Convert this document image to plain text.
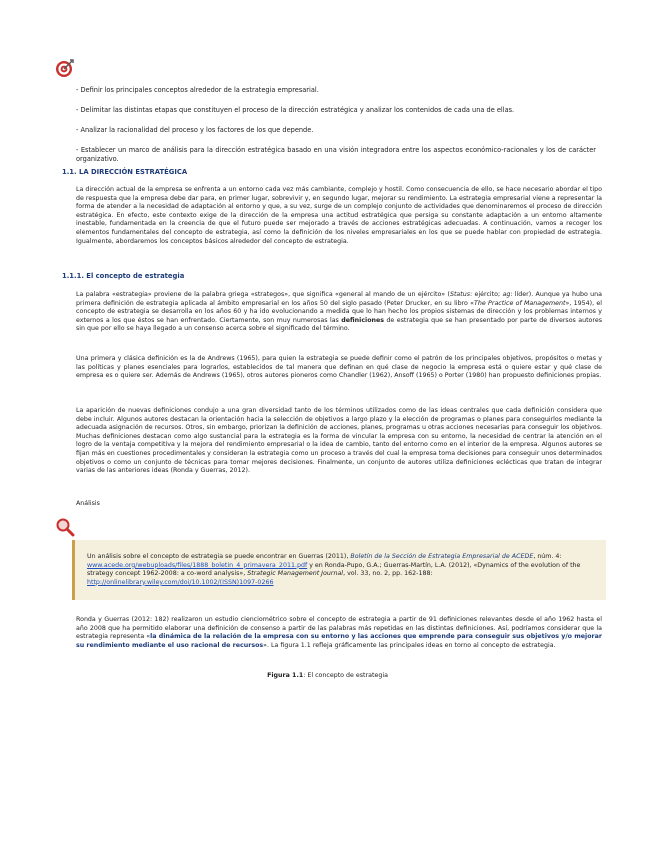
- Definir los principales conceptos alrededor de la estrategia empresarial.

- Delimitar las distintas etapas que constituyen el proceso de la dirección estratégica y analizar los contenidos de cada una de ellas.

- Analizar la racionalidad del proceso y los factores de los que depende.

- Establecer un marco de análisis para la dirección estratégica basado en una visión integradora entre los aspectos económico-racionales y los de carácter organizativo.

1.1. LA DIRECCIÓN ESTRATÉGICA

La dirección actual de la empresa se enfrenta a un entorno cada vez más cambiante, complejo y hostil. Como consecuencia de ello, se hace necesario abordar el tipo de respuesta que la empresa debe dar para, en primer lugar, sobrevivir y, en segundo lugar, mejorar su rendimiento. La estrategia empresarial viene a representar la forma de atender a la necesidad de adaptación al entorno y que, a su vez, surge de un complejo conjunto de actividades que denominaremos el proceso de dirección estratégica. En efecto, este contexto exige de la dirección de la empresa una actitud estratégica que persiga su constante adaptación a un entorno altamente inestable, fundamentada en la creencia de que el futuro puede ser mejorado a través de acciones estratégicas adecuadas. A continuación, vamos a recoger los elementos fundamentales del concepto de estrategia, así como la definición de los niveles empresariales en los que se puede hablar con propiedad de estrategia. Igualmente, abordaremos los conceptos básicos alrededor del concepto de estrategia.

1.1.1. El concepto de estrategia

La palabra «estrategia» proviene de la palabra griega «strategos», que significa «general al mando de un ejército» (Status: ejército; ag: líder). Aunque ya hubo una primera definición de estrategia aplicada al ámbito empresarial en los años 50 del siglo pasado (Peter Drucker, en su libro «The Practice of Management», 1954), el concepto de estrategia se desarrolla en los años 60 y ha ido evolucionando a medida que lo han hecho los propios sistemas de dirección y los problemas internos y externos a los que éstos se han enfrentado. Ciertamente, son muy numerosas las definiciones de estrategia que se han presentado por parte de diversos autores sin que por ello se haya llegado a un consenso acerca sobre el significado del término.

Una primera y clásica definición es la de Andrews (1965), para quien la estrategia se puede definir como el patrón de los principales objetivos, propósitos o metas y las políticas y planes esenciales para lograrlos, establecidos de tal manera que definan en qué clase de negocio la empresa está o quiere estar y qué clase de empresa es o quiere ser. Además de Andrews (1965), otros autores pioneros como Chandler (1962), Ansoff (1965) o Porter (1980) han propuesto definiciones propias.

La aparición de nuevas definiciones condujo a una gran diversidad tanto de los términos utilizados como de las ideas centrales que cada definición considera que debe incluir. Algunos autores destacan la orientación hacia la selección de objetivos a largo plazo y la elección de programas o planes para conseguirlos mediante la adecuada asignación de recursos. Otros, sin embargo, priorizan la definición de acciones, planes, programas u otras acciones necesarias para conseguir los objetivos. Muchas definiciones destacan como algo sustancial para la estrategia es la forma de vincular la empresa con su entorno, la necesidad de centrar la atención en el logro de la ventaja competitiva y la mejora del rendimiento empresarial o la idea de cambio, tanto del entorno como en el interior de la empresa. Algunos autores se fijan más en cuestiones procedimentales y consideran la estrategia como un proceso a través del cual la empresa toma decisiones para conseguir unos determinados objetivos o como un conjunto de técnicas para tomar mejores decisiones. Finalmente, un conjunto de autores utiliza definiciones eclécticas que tratan de integrar varias de las anteriores ideas (Ronda y Guerras, 2012).

Análisis

Un análisis sobre el concepto de estrategia se puede encontrar en Guerras (2011), Boletín de la Sección de Estrategia Empresarial de ACEDE, núm. 4: www.acede.org/webuploads/files/1888_boletin_4_primavera_2011.pdf y en Ronda-Pupo, G.A.; Guerras-Martín, L.A. (2012), «Dynamics of the evolution of the strategy concept 1962-2008: a co-word analysis», Strategic Management Journal, vol. 33, no. 2, pp. 162-188: http://onlinelibrary.wiley.com/doi/10.1002/(ISSN)1097-0266

Ronda y Guerras (2012: 182) realizaron un estudio cienciométrico sobre el concepto de estrategia a partir de 91 definiciones relevantes desde el año 1962 hasta el año 2008 que ha permitido elaborar una definición de consenso a partir de las palabras más repetidas en las distintas definiciones. Así, podríamos considerar que la estrategia representa «la dinámica de la relación de la empresa con su entorno y las acciones que emprende para conseguir sus objetivos y/o mejorar su rendimiento mediante el uso racional de recursos». La figura 1.1 refleja gráficamente las principales ideas en torno al concepto de estrategia.

Figura 1.1: El concepto de estrategia
